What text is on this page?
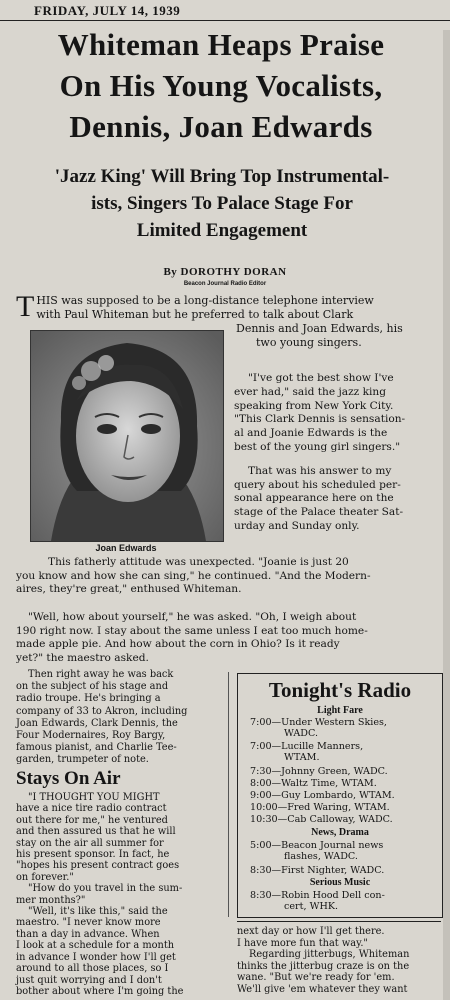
FRIDAY, JULY 14, 1939
Whiteman Heaps Praise
On His Young Vocalists,
Dennis, Joan Edwards
'Jazz King' Will Bring Top Instrumental-
ists, Singers To Palace Stage For
Limited Engagement
By DOROTHY DORAN
Beacon Journal Radio Editor
THIS was supposed to be a long-distance telephone interview
with Paul Whiteman but he preferred to talk about Clark
Dennis and Joan Edwards, his
two young singers.
Joan Edwards
"I've got the best show I've
ever had," said the jazz king
speaking from New York City.
"This Clark Dennis is sensation-
al and Joanie Edwards is the
best of the young girl singers."
That was his answer to my
query about his scheduled per-
sonal appearance here on the
stage of the Palace theater Sat-
urday and Sunday only.
This fatherly attitude was unexpected. "Joanie is just 20
you know and how she can sing," he continued. "And the Modern-
aires, they're great," enthused Whiteman.
"Well, how about yourself," he was asked. "Oh, I weigh about
190 right now. I stay about the same unless I eat too much home-
made apple pie. And how about the corn in Ohio? Is it ready
yet?" the maestro asked.
Then right away he was back
on the subject of his stage and
radio troupe. He's bringing a
company of 33 to Akron, including
Joan Edwards, Clark Dennis, the
Four Modernaires, Roy Bargy,
famous pianist, and Charlie Tee-
garden, trumpeter of note.
Stays On Air
"I THOUGHT YOU MIGHT
have a nice tire radio contract
out there for me," he ventured
and then assured us that he will
stay on the air all summer for
his present sponsor. In fact, he
"hopes his present contract goes
on forever."
"How do you travel in the sum-
mer months?"
"Well, it's like this," said the
maestro. "I never know more
than a day in advance. When
I look at a schedule for a month
in advance I wonder how I'll get
around to all those places, so I
just quit worrying and I don't
bother about where I'm going the
Tonight's Radio
Light Fare
7:00—Under Western Skies,
WADC.
7:00—Lucille Manners,
WTAM.
7:30—Johnny Green, WADC.
8:00—Waltz Time, WTAM.
9:00—Guy Lombardo, WTAM.
10:00—Fred Waring, WTAM.
10:30—Cab Calloway, WADC.
News, Drama
5:00—Beacon Journal news
flashes, WADC.
8:30—First Nighter, WADC.
Serious Music
8:30—Robin Hood Dell con-
cert, WHK.
next day or how I'll get there.
I have more fun that way."
Regarding jitterbugs, Whiteman
thinks the jitterbug craze is on the
wane. "But we're ready for 'em.
We'll give 'em whatever they want
